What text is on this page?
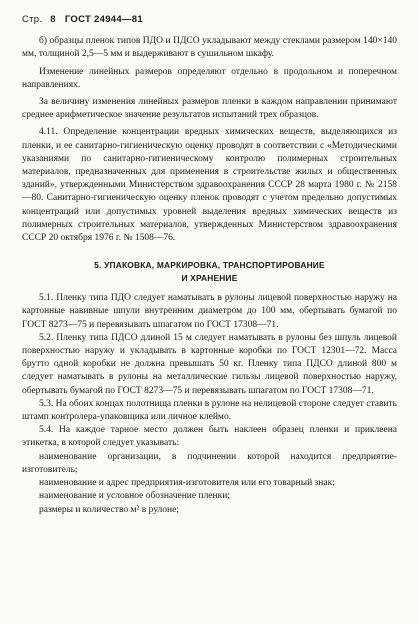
Стр. 8 ГОСТ 24944—81

б) образцы пленок типов ПДО и ПДСО укладывают между стеклами размером 140×140 мм, толщиной 2,5—5 мм и выдерживают в сушильном шкафу.

Изменение линейных размеров определяют отдельно в продольном и поперечном направлениях.

За величину изменения линейных размеров пленки в каждом направлении принимают среднее арифметическое значение результатов испытаний трех образцов.

4.11. Определение концентрации вредных химических веществ, выделяющихся из пленки, и ее санитарно-гигиеническую оценку проводят в соответствии с «Методическими указаниями по санитарно-гигиеническому контролю полимерных строительных материалов, предназначенных для применения в строительстве жилых и общественных зданий», утвержденными Министерством здравоохранения СССР 28 марта 1980 г. № 2158—80. Санитарно-гигиеническую оценку пленок проводят с учетом предельно допустимых концентраций или допустимых уровней выделения вредных химических веществ из полимерных строительных материалов, утвержденных Министерством здравоохранения СССР 20 октября 1976 г. № 1508—76.

5. УПАКОВКА, МАРКИРОВКА, ТРАНСПОРТИРОВАНИЕ
И ХРАНЕНИЕ

5.1. Пленку типа ПДО следует наматывать в рулоны лицевой поверхностью наружу на картонные навивные шпули внутренним диаметром до 100 мм, обертывать бумагой по ГОСТ 8273—75 и перевязывать шпагатом по ГОСТ 17308—71.

5.2. Пленку типа ПДСО длиной 15 м следует наматывать в рулоны без шпуль лицевой поверхностью наружу и укладывать в картонные коробки по ГОСТ 12301—72. Масса брутто одной коробки не должна превышать 50 кг. Пленку типа ПДСО длиной 800 м следует наматывать в рулоны на металлические гильзы лицевой поверхностью наружу, обертывать бумагой по ГОСТ 8273—75 и перевязывать шпагатом по ГОСТ 17308—71.

5.3. На обоих концах полотнища пленки в рулоне на нелицевой стороне следует ставить штамп контролера-упаковщика или личное клеймо.

5.4. На каждое тарное место должен быть наклеен образец пленки и приклеена этикетка, в которой следует указывать:

наименование организации, в подчинении которой находится предприятие-изготовитель;

наименование и адрес предприятия-изготовителя или его товарный знак;

наименование и условное обозначение пленки;

размеры и количество м² в рулоне;
